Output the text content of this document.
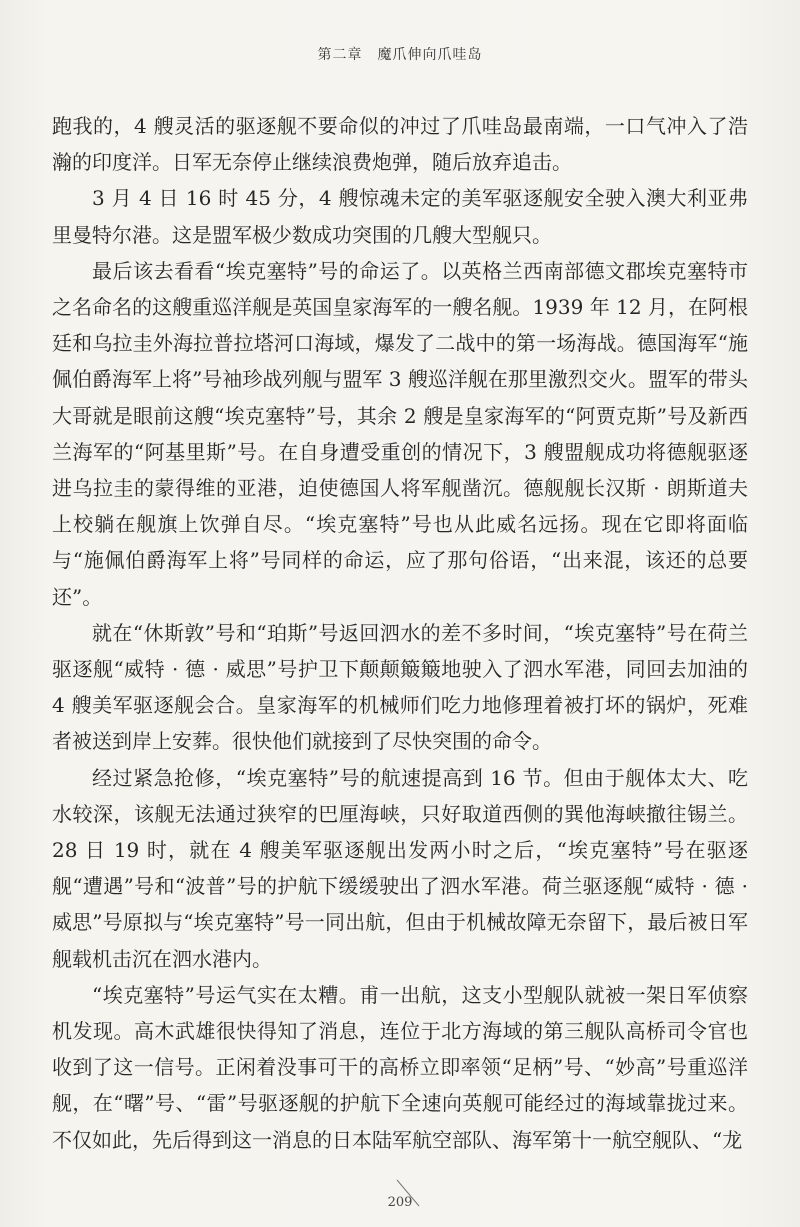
第二章　魔爪伸向爪哇岛

跑我的，4 艘灵活的驱逐舰不要命似的冲过了爪哇岛最南端，一口气冲入了浩瀚的印度洋。日军无奈停止继续浪费炮弹，随后放弃追击。

3 月 4 日 16 时 45 分，4 艘惊魂未定的美军驱逐舰安全驶入澳大利亚弗里曼特尔港。这是盟军极少数成功突围的几艘大型舰只。

最后该去看看“埃克塞特”号的命运了。以英格兰西南部德文郡埃克塞特市之名命名的这艘重巡洋舰是英国皇家海军的一艘名舰。1939 年 12 月，在阿根廷和乌拉圭外海拉普拉塔河口海域，爆发了二战中的第一场海战。德国海军“施佩伯爵海军上将”号袖珍战列舰与盟军 3 艘巡洋舰在那里激烈交火。盟军的带头大哥就是眼前这艘“埃克塞特”号，其余 2 艘是皇家海军的“阿贾克斯”号及新西兰海军的“阿基里斯”号。在自身遭受重创的情况下，3 艘盟舰成功将德舰驱逐进乌拉圭的蒙得维的亚港，迫使德国人将军舰凿沉。德舰舰长汉斯 · 朗斯道夫上校躺在舰旗上饮弹自尽。“埃克塞特”号也从此威名远扬。现在它即将面临与“施佩伯爵海军上将”号同样的命运，应了那句俗语，“出来混，该还的总要还”。

就在“休斯敦”号和“珀斯”号返回泗水的差不多时间，“埃克塞特”号在荷兰驱逐舰“威特 · 德 · 威思”号护卫下颠颠簸簸地驶入了泗水军港，同回去加油的 4 艘美军驱逐舰会合。皇家海军的机械师们吃力地修理着被打坏的锅炉，死难者被送到岸上安葬。很快他们就接到了尽快突围的命令。

经过紧急抢修，“埃克塞特”号的航速提高到 16 节。但由于舰体太大、吃水较深，该舰无法通过狭窄的巴厘海峡，只好取道西侧的巽他海峡撤往锡兰。28 日 19 时，就在 4 艘美军驱逐舰出发两小时之后，“埃克塞特”号在驱逐舰“遭遇”号和“波普”号的护航下缓缓驶出了泗水军港。荷兰驱逐舰“威特 · 德 · 威思”号原拟与“埃克塞特”号一同出航，但由于机械故障无奈留下，最后被日军舰载机击沉在泗水港内。

“埃克塞特”号运气实在太糟。甫一出航，这支小型舰队就被一架日军侦察机发现。高木武雄很快得知了消息，连位于北方海域的第三舰队高桥司令官也收到了这一信号。正闲着没事可干的高桥立即率领“足柄”号、“妙高”号重巡洋舰，在“曙”号、“雷”号驱逐舰的护航下全速向英舰可能经过的海域靠拢过来。不仅如此，先后得到这一消息的日本陆军航空部队、海军第十一航空舰队、“龙

209
